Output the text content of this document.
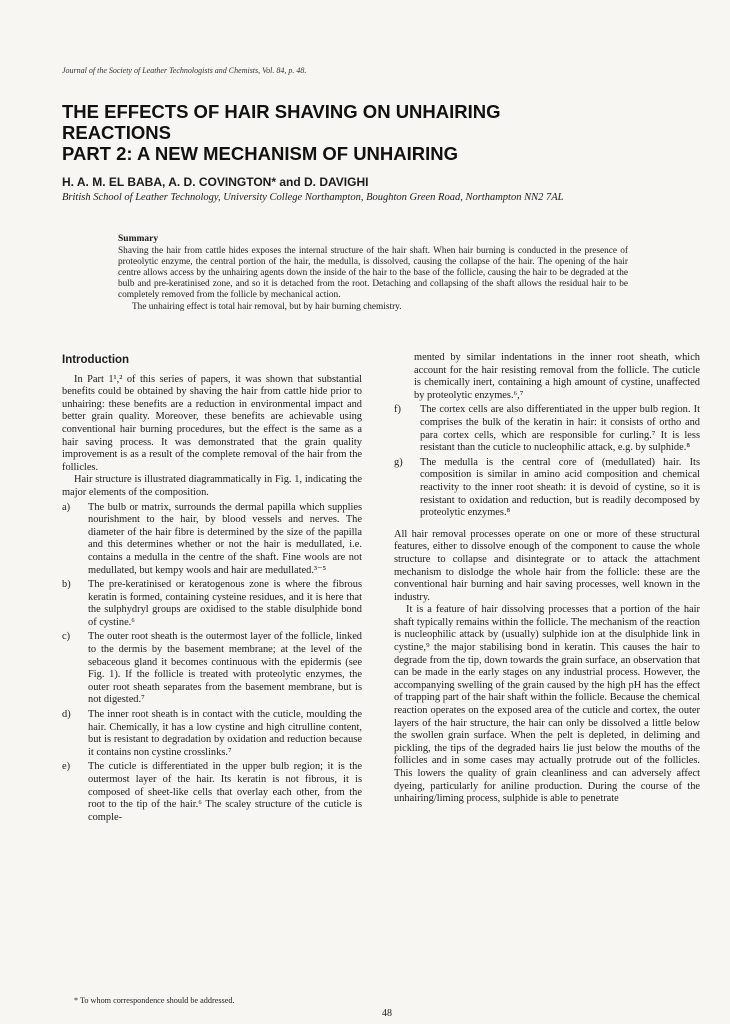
Journal of the Society of Leather Technologists and Chemists, Vol. 84, p. 48.
THE EFFECTS OF HAIR SHAVING ON UNHAIRING
REACTIONS
PART 2: A NEW MECHANISM OF UNHAIRING
H. A. M. EL BABA, A. D. COVINGTON* and D. DAVIGHI
British School of Leather Technology, University College Northampton, Boughton Green Road, Northampton NN2 7AL
Summary

Shaving the hair from cattle hides exposes the internal structure of the hair shaft. When hair burning is conducted in the presence of proteolytic enzyme, the central portion of the hair, the medulla, is dissolved, causing the collapse of the hair. The opening of the hair centre allows access by the unhairing agents down the inside of the hair to the base of the follicle, causing the hair to be degraded at the bulb and pre-keratinised zone, and so it is detached from the root. Detaching and collapsing of the shaft allows the residual hair to be completely removed from the follicle by mechanical action.

The unhairing effect is total hair removal, but by hair burning chemistry.

Introduction

In Part 1¹,² of this series of papers, it was shown that substantial benefits could be obtained by shaving the hair from cattle hide prior to unhairing: these benefits are a reduction in environmental impact and better grain quality. Moreover, these benefits are achievable using conventional hair burning procedures, but the effect is the same as a hair saving process. It was demonstrated that the grain quality improvement is as a result of the complete removal of the hair from the follicles.

Hair structure is illustrated diagrammatically in Fig. 1, indicating the major elements of the composition.

a)	The bulb or matrix, surrounds the dermal papilla which supplies nourishment to the hair, by blood vessels and nerves. The diameter of the hair fibre is determined by the size of the papilla and this determines whether or not the hair is medullated, i.e. contains a medulla in the centre of the shaft. Fine wools are not medullated, but kempy wools and hair are medullated.³⁻⁵
b)	The pre-keratinised or keratogenous zone is where the fibrous keratin is formed, containing cysteine residues, and it is here that the sulphydryl groups are oxidised to the stable disulphide bond of cystine.⁶
c)	The outer root sheath is the outermost layer of the follicle, linked to the dermis by the basement membrane; at the level of the sebaceous gland it becomes continuous with the epidermis (see Fig. 1). If the follicle is treated with proteolytic enzymes, the outer root sheath separates from the basement membrane, but is not digested.⁷
d)	The inner root sheath is in contact with the cuticle, moulding the hair. Chemically, it has a low cystine and high citrulline content, but is resistant to degradation by oxidation and reduction because it contains non cystine crosslinks.⁷
e)	The cuticle is differentiated in the upper bulb region; it is the outermost layer of the hair. Its keratin is not fibrous, it is composed of sheet-like cells that overlay each other, from the root to the tip of the hair.⁶ The scaley structure of the cuticle is comple-

mented by similar indentations in the inner root sheath, which account for the hair resisting removal from the follicle. The cuticle is chemically inert, containing a high amount of cystine, unaffected by proteolytic enzymes.⁶,⁷

f)	The cortex cells are also differentiated in the upper bulb region. It comprises the bulk of the keratin in hair: it consists of ortho and para cortex cells, which are responsible for curling.⁷ It is less resistant than the cuticle to nucleophilic attack, e.g. by sulphide.⁸
g)	The medulla is the central core of (medullated) hair. Its composition is similar in amino acid composition and chemical reactivity to the inner root sheath: it is devoid of cystine, so it is resistant to oxidation and reduction, but is readily decomposed by proteolytic enzymes.⁸

All hair removal processes operate on one or more of these structural features, either to dissolve enough of the component to cause the whole structure to collapse and disintegrate or to attack the attachment mechanism to dislodge the whole hair from the follicle: these are the conventional hair burning and hair saving processes, well known in the industry.

It is a feature of hair dissolving processes that a portion of the hair shaft typically remains within the follicle. The mechanism of the reaction is nucleophilic attack by (usually) sulphide ion at the disulphide link in cystine,⁹ the major stabilising bond in keratin. This causes the hair to degrade from the tip, down towards the grain surface, an observation that can be made in the early stages on any industrial process. However, the accompanying swelling of the grain caused by the high pH has the effect of trapping part of the hair shaft within the follicle. Because the chemical reaction operates on the exposed area of the cuticle and cortex, the outer layers of the hair structure, the hair can only be dissolved a little below the swollen grain surface. When the pelt is depleted, in deliming and pickling, the tips of the degraded hairs lie just below the mouths of the follicles and in some cases may actually protrude out of the follicles. This lowers the quality of grain cleanliness and can adversely affect dyeing, particularly for aniline production. During the course of the unhairing/liming process, sulphide is able to penetrate

* To whom correspondence should be addressed.
48
